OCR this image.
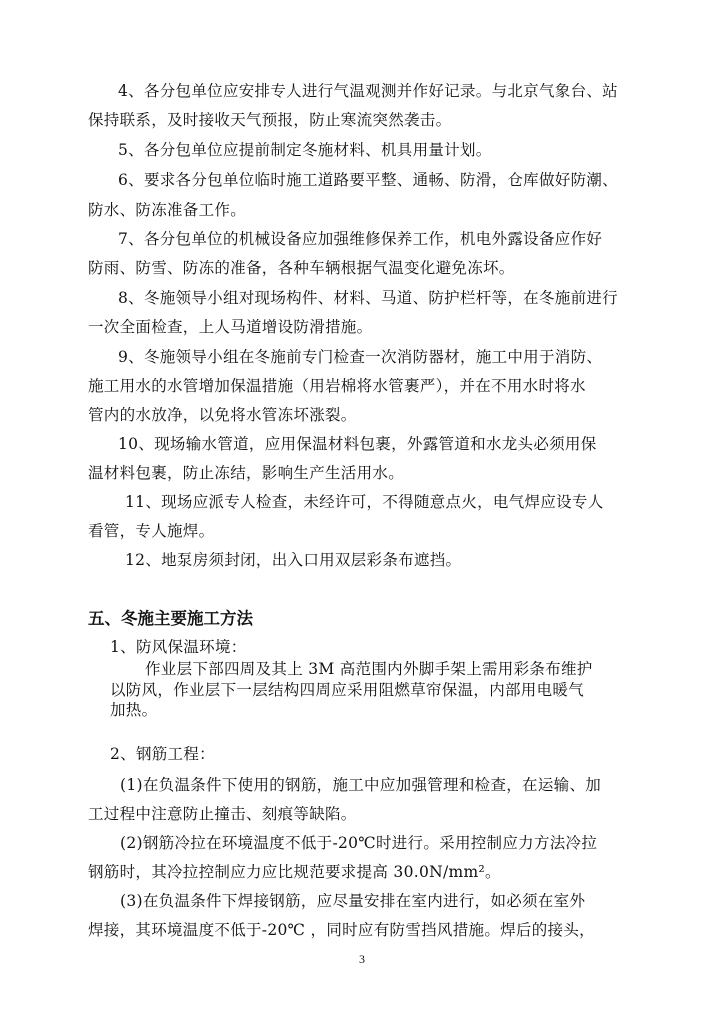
4、各分包单位应安排专人进行气温观测并作好记录。与北京气象台、站
保持联系，及时接收天气预报，防止寒流突然袭击。
5、各分包单位应提前制定冬施材料、机具用量计划。
6、要求各分包单位临时施工道路要平整、通畅、防滑，仓库做好防潮、
防水、防冻准备工作。
7、各分包单位的机械设备应加强维修保养工作，机电外露设备应作好
防雨、防雪、防冻的准备，各种车辆根据气温变化避免冻坏。
8、冬施领导小组对现场构件、材料、马道、防护栏杆等，在冬施前进行
一次全面检查，上人马道增设防滑措施。
9、冬施领导小组在冬施前专门检查一次消防器材，施工中用于消防、
施工用水的水管增加保温措施（用岩棉将水管裹严），并在不用水时将水
管内的水放净，以免将水管冻坏涨裂。
10、现场输水管道，应用保温材料包裹，外露管道和水龙头必须用保
温材料包裹，防止冻结，影响生产生活用水。
11、现场应派专人检查，未经许可，不得随意点火，电气焊应设专人
看管，专人施焊。
12、地泵房须封闭，出入口用双层彩条布遮挡。
五、冬施主要施工方法
1、防风保温环境：
作业层下部四周及其上 3M 高范围内外脚手架上需用彩条布维护
以防风，作业层下一层结构四周应采用阻燃草帘保温，内部用电暖气
加热。
2、钢筋工程：
(1)在负温条件下使用的钢筋，施工中应加强管理和检查，在运输、加
工过程中注意防止撞击、刻痕等缺陷。
(2)钢筋冷拉在环境温度不低于-20℃时进行。采用控制应力方法冷拉
钢筋时，其冷拉控制应力应比规范要求提高 30.0N/mm²。
(3)在负温条件下焊接钢筋，应尽量安排在室内进行，如必须在室外
焊接，其环境温度不低于-20℃ ，同时应有防雪挡风措施。焊后的接头，
3
